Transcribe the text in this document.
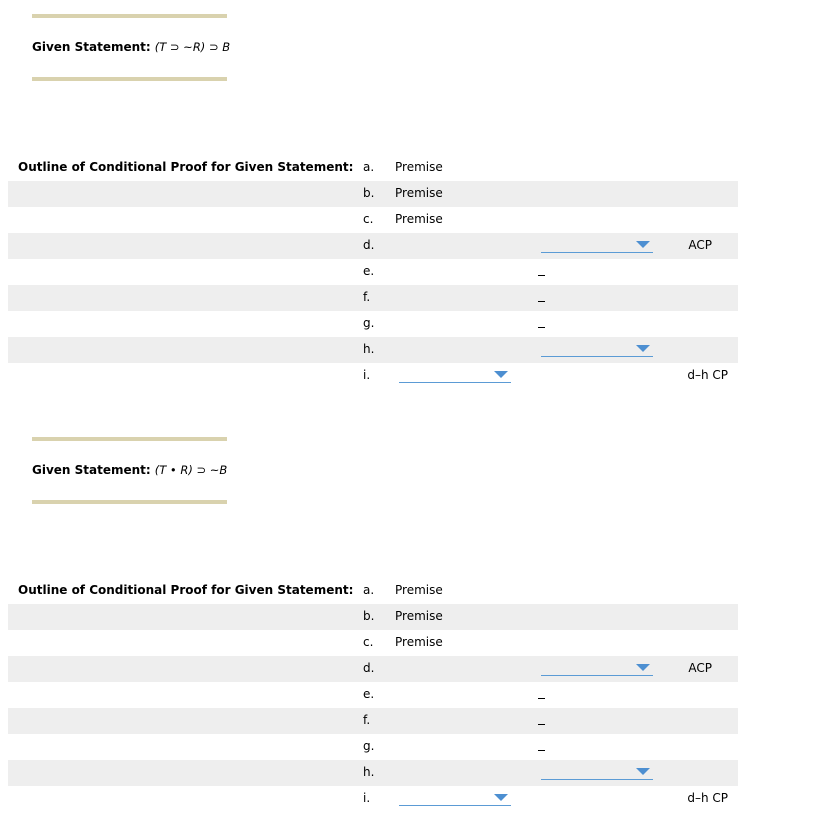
Given Statement: (T ⊃ ~R) ⊃ B
Outline of Conditional Proof for Given Statement: a. Premise
b. Premise
c. Premise
d.	ACP
e.
f.
g.
h.
i.	d–h CP
Given Statement: (T • R) ⊃ ~B
Outline of Conditional Proof for Given Statement: a. Premise
b. Premise
c. Premise
d.	ACP
e.
f.
g.
h.
i.	d–h CP
